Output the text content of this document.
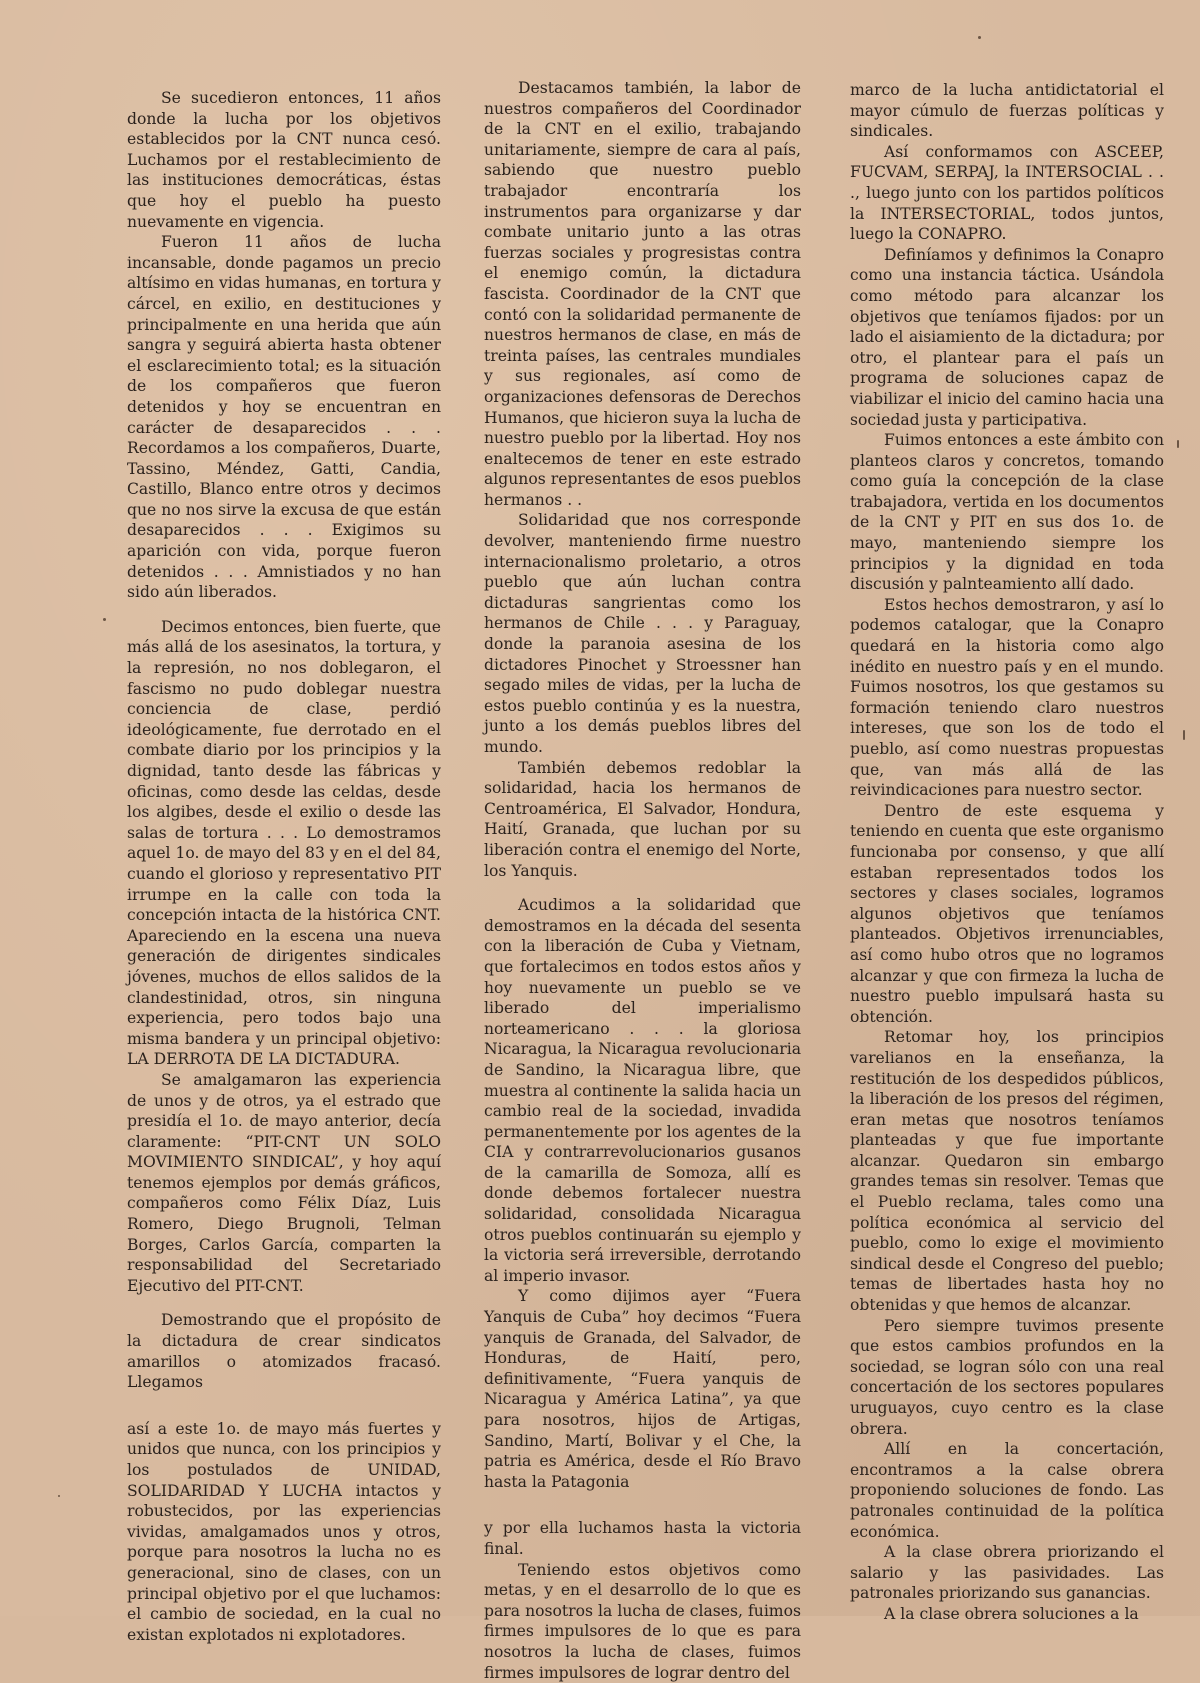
Se sucedieron entonces, 11 años donde la lucha por los objetivos establecidos por la CNT nunca cesó. Luchamos por el restablecimiento de las instituciones democráticas, éstas que hoy el pueblo ha puesto nuevamente en vigencia.

Fueron 11 años de lucha incansable, donde pagamos un precio altísimo en vidas humanas, en tortura y cárcel, en exilio, en destituciones y principalmente en una herida que aún sangra y seguirá abierta hasta obtener el esclarecimiento total; es la situación de los compañeros que fueron detenidos y hoy se encuentran en carácter de desaparecidos . . . Recordamos a los compañeros, Duarte, Tassino, Méndez, Gatti, Candia, Castillo, Blanco entre otros y decimos que no nos sirve la excusa de que están desaparecidos . . . Exigimos su aparición con vida, porque fueron detenidos . . . Amnistiados y no han sido aún liberados.

Decimos entonces, bien fuerte, que más allá de los asesinatos, la tortura, y la represión, no nos doblegaron, el fascismo no pudo doblegar nuestra conciencia de clase, perdió ideológicamente, fue derrotado en el combate diario por los principios y la dignidad, tanto desde las fábricas y oficinas, como desde las celdas, desde los algibes, desde el exilio o desde las salas de tortura . . . Lo demostramos aquel 1o. de mayo del 83 y en el del 84, cuando el glorioso y representativo PIT irrumpe en la calle con toda la concepción intacta de la histórica CNT. Apareciendo en la escena una nueva generación de dirigentes sindicales jóvenes, muchos de ellos salidos de la clandestinidad, otros, sin ninguna experiencia, pero todos bajo una misma bandera y un principal objetivo: LA DERROTA DE LA DICTADURA.

Se amalgamaron las experiencia de unos y de otros, ya el estrado que presidía el 1o. de mayo anterior, decía claramente: “PIT-CNT UN SOLO MOVIMIENTO SINDICAL”, y hoy aquí tenemos ejemplos por demás gráficos, compañeros como Félix Díaz, Luis Romero, Diego Brugnoli, Telman Borges, Carlos García, comparten la responsabilidad del Secretariado Ejecutivo del PIT-CNT.

Demostrando que el propósito de la dictadura de crear sindicatos amarillos o atomizados fracasó. Llegamos

así a este 1o. de mayo más fuertes y unidos que nunca, con los principios y los postulados de UNIDAD, SOLIDARIDAD Y LUCHA intactos y robustecidos, por las experiencias vividas, amalgamados unos y otros, porque para nosotros la lucha no es generacional, sino de clases, con un principal objetivo por el que luchamos: el cambio de sociedad, en la cual no existan explotados ni explotadores.

Destacamos también, la labor de nuestros compañeros del Coordinador de la CNT en el exilio, trabajando unitariamente, siempre de cara al país, sabiendo que nuestro pueblo trabajador encontraría los instrumentos para organizarse y dar combate unitario junto a las otras fuerzas sociales y progresistas contra el enemigo común, la dictadura fascista. Coordinador de la CNT que contó con la solidaridad permanente de nuestros hermanos de clase, en más de treinta países, las centrales mundiales y sus regionales, así como de organizaciones defensoras de Derechos Humanos, que hicieron suya la lucha de nuestro pueblo por la libertad. Hoy nos enaltecemos de tener en este estrado algunos representantes de esos pueblos hermanos . .

Solidaridad que nos corresponde devolver, manteniendo firme nuestro internacionalismo proletario, a otros pueblo que aún luchan contra dictaduras sangrientas como los hermanos de Chile . . . y Paraguay, donde la paranoia asesina de los dictadores Pinochet y Stroessner han segado miles de vidas, per la lucha de estos pueblo continúa y es la nuestra, junto a los demás pueblos libres del mundo.

También debemos redoblar la solidaridad, hacia los hermanos de Centroamérica, El Salvador, Hondura, Haití, Granada, que luchan por su liberación contra el enemigo del Norte, los Yanquis.

Acudimos a la solidaridad que demostramos en la década del sesenta con la liberación de Cuba y Vietnam, que fortalecimos en todos estos años y hoy nuevamente un pueblo se ve liberado del imperialismo norteamericano . . . la gloriosa Nicaragua, la Nicaragua revolucionaria de Sandino, la Nicaragua libre, que muestra al continente la salida hacia un cambio real de la sociedad, invadida permanentemente por los agentes de la CIA y contrarrevolucionarios gusanos de la camarilla de Somoza, allí es donde debemos fortalecer nuestra solidaridad, consolidada Nicaragua otros pueblos continuarán su ejemplo y la victoria será irreversible, derrotando al imperio invasor.

Y como dijimos ayer “Fuera Yanquis de Cuba” hoy decimos “Fuera yanquis de Granada, del Salvador, de Honduras, de Haití, pero, definitivamente, “Fuera yanquis de Nicaragua y América Latina”, ya que para nosotros, hijos de Artigas, Sandino, Martí, Bolivar y el Che, la patria es América, desde el Río Bravo hasta la Patagonia

y por ella luchamos hasta la victoria final.

Teniendo estos objetivos como metas, y en el desarrollo de lo que es para nosotros la lucha de clases, fuimos firmes impulsores de lo que es para nosotros la lucha de clases, fuimos firmes impulsores de lograr dentro del

marco de la lucha antidictatorial el mayor cúmulo de fuerzas políticas y sindicales.

Así conformamos con ASCEEP, FUCVAM, SERPAJ, la INTERSOCIAL . . ., luego junto con los partidos políticos la INTERSECTORIAL, todos juntos, luego la CONAPRO.

Definíamos y definimos la Conapro como una instancia táctica. Usándola como método para alcanzar los objetivos que teníamos fijados: por un lado el aisiamiento de la dictadura; por otro, el plantear para el país un programa de soluciones capaz de viabilizar el inicio del camino hacia una sociedad justa y participativa.

Fuimos entonces a este ámbito con planteos claros y concretos, tomando como guía la concepción de la clase trabajadora, vertida en los documentos de la CNT y PIT en sus dos 1o. de mayo, manteniendo siempre los principios y la dignidad en toda discusión y palnteamiento allí dado.

Estos hechos demostraron, y así lo podemos catalogar, que la Conapro quedará en la historia como algo inédito en nuestro país y en el mundo. Fuimos nosotros, los que gestamos su formación teniendo claro nuestros intereses, que son los de todo el pueblo, así como nuestras propuestas que, van más allá de las reivindicaciones para nuestro sector.

Dentro de este esquema y teniendo en cuenta que este organismo funcionaba por consenso, y que allí estaban representados todos los sectores y clases sociales, logramos algunos objetivos que teníamos planteados. Objetivos irrenunciables, así como hubo otros que no logramos alcanzar y que con firmeza la lucha de nuestro pueblo impulsará hasta su obtención.

Retomar hoy, los principios varelianos en la enseñanza, la restitución de los despedidos públicos, la liberación de los presos del régimen, eran metas que nosotros teníamos planteadas y que fue importante alcanzar. Quedaron sin embargo grandes temas sin resolver. Temas que el Pueblo reclama, tales como una política económica al servicio del pueblo, como lo exige el movimiento sindical desde el Congreso del pueblo; temas de libertades hasta hoy no obtenidas y que hemos de alcanzar.

Pero siempre tuvimos presente que estos cambios profundos en la sociedad, se logran sólo con una real concertación de los sectores populares uruguayos, cuyo centro es la clase obrera.

Allí en la concertación, encontramos a la calse obrera proponiendo soluciones de fondo. Las patronales continuidad de la política económica.

A la clase obrera priorizando el salario y las pasividades. Las patronales priorizando sus ganancias.

A la clase obrera soluciones a la
